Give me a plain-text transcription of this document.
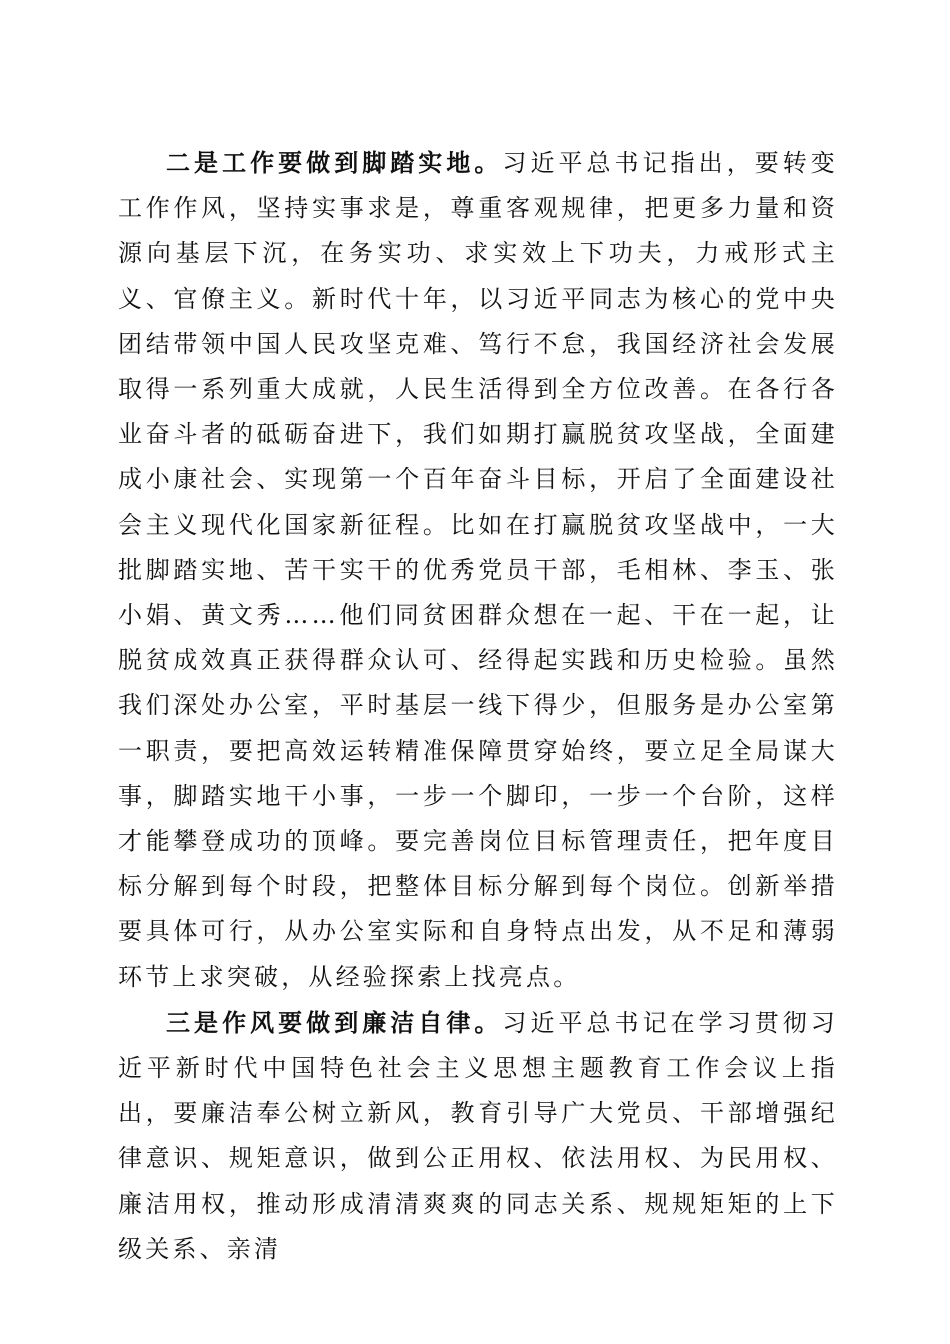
二是工作要做到脚踏实地。习近平总书记指出，要转变工作作风，坚持实事求是，尊重客观规律，把更多力量和资源向基层下沉，在务实功、求实效上下功夫，力戒形式主义、官僚主义。新时代十年，以习近平同志为核心的党中央团结带领中国人民攻坚克难、笃行不怠，我国经济社会发展取得一系列重大成就，人民生活得到全方位改善。在各行各业奋斗者的砥砺奋进下，我们如期打赢脱贫攻坚战，全面建成小康社会、实现第一个百年奋斗目标，开启了全面建设社会主义现代化国家新征程。比如在打赢脱贫攻坚战中，一大批脚踏实地、苦干实干的优秀党员干部，毛相林、李玉、张小娟、黄文秀……他们同贫困群众想在一起、干在一起，让脱贫成效真正获得群众认可、经得起实践和历史检验。虽然我们深处办公室，平时基层一线下得少，但服务是办公室第一职责，要把高效运转精准保障贯穿始终，要立足全局谋大事，脚踏实地干小事，一步一个脚印，一步一个台阶，这样才能攀登成功的顶峰。要完善岗位目标管理责任，把年度目标分解到每个时段，把整体目标分解到每个岗位。创新举措要具体可行，从办公室实际和自身特点出发，从不足和薄弱环节上求突破，从经验探索上找亮点。

三是作风要做到廉洁自律。习近平总书记在学习贯彻习近平新时代中国特色社会主义思想主题教育工作会议上指出，要廉洁奉公树立新风，教育引导广大党员、干部增强纪律意识、规矩意识，做到公正用权、依法用权、为民用权、廉洁用权，推动形成清清爽爽的同志关系、规规矩矩的上下级关系、亲清
